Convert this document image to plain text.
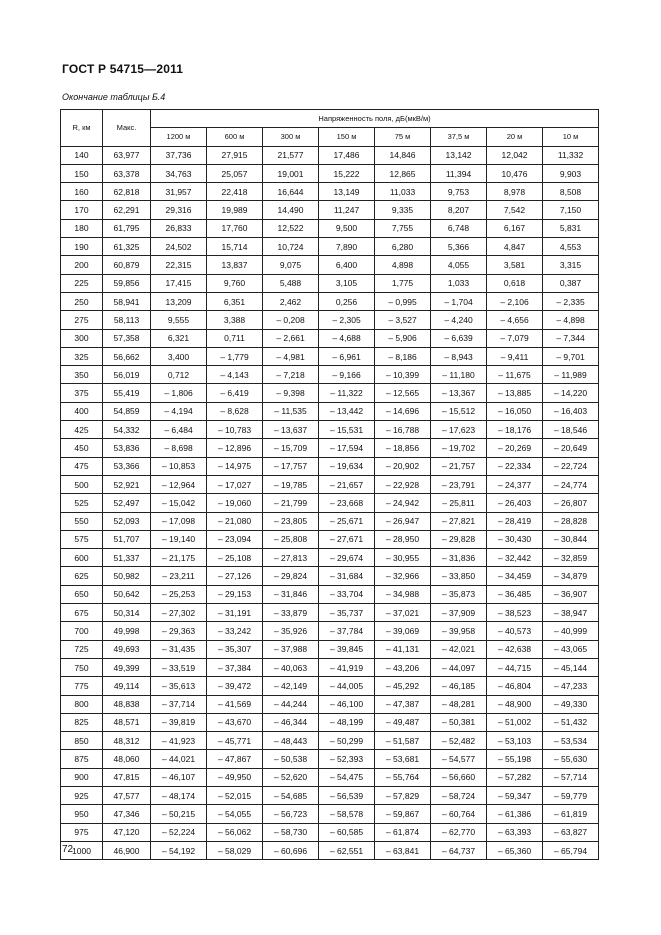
ГОСТ Р 54715—2011
Окончание таблицы Б.4
R, км	Макс.	Напряженность поля, дБ(мкВ/м)							
		1200 м	600 м	300 м	150 м	75 м	37,5 м	20 м	10 м
140	63,977	37,736	27,915	21,577	17,486	14,846	13,142	12,042	11,332
150	63,378	34,763	25,057	19,001	15,222	12,865	11,394	10,476	9,903
160	62,818	31,957	22,418	16,644	13,149	11,033	9,753	8,978	8,508
170	62,291	29,316	19,989	14,490	11,247	9,335	8,207	7,542	7,150
180	61,795	26,833	17,760	12,522	9,500	7,755	6,748	6,167	5,831
190	61,325	24,502	15,714	10,724	7,890	6,280	5,366	4,847	4,553
200	60,879	22,315	13,837	9,075	6,400	4,898	4,055	3,581	3,315
225	59,856	17,415	9,760	5,488	3,105	1,775	1,033	0,618	0,387
250	58,941	13,209	6,351	2,462	0,256	– 0,995	– 1,704	– 2,106	– 2,335
275	58,113	9,555	3,388	– 0,208	– 2,305	– 3,527	– 4,240	– 4,656	– 4,898
300	57,358	6,321	0,711	– 2,661	– 4,688	– 5,906	– 6,639	– 7,079	– 7,344
325	56,662	3,400	– 1,779	– 4,981	– 6,961	– 8,186	– 8,943	– 9,411	– 9,701
350	56,019	0,712	– 4,143	– 7,218	– 9,166	– 10,399	– 11,180	– 11,675	– 11,989
375	55,419	– 1,806	– 6,419	– 9,398	– 11,322	– 12,565	– 13,367	– 13,885	– 14,220
400	54,859	– 4,194	– 8,628	– 11,535	– 13,442	– 14,696	– 15,512	– 16,050	– 16,403
425	54,332	– 6,484	– 10,783	– 13,637	– 15,531	– 16,788	– 17,623	– 18,176	– 18,546
450	53,836	– 8,698	– 12,896	– 15,709	– 17,594	– 18,856	– 19,702	– 20,269	– 20,649
475	53,366	– 10,853	– 14,975	– 17,757	– 19,634	– 20,902	– 21,757	– 22,334	– 22,724
500	52,921	– 12,964	– 17,027	– 19,785	– 21,657	– 22,928	– 23,791	– 24,377	– 24,774
525	52,497	– 15,042	– 19,060	– 21,799	– 23,668	– 24,942	– 25,811	– 26,403	– 26,807
550	52,093	– 17,098	– 21,080	– 23,805	– 25,671	– 26,947	– 27,821	– 28,419	– 28,828
575	51,707	– 19,140	– 23,094	– 25,808	– 27,671	– 28,950	– 29,828	– 30,430	– 30,844
600	51,337	– 21,175	– 25,108	– 27,813	– 29,674	– 30,955	– 31,836	– 32,442	– 32,859
625	50,982	– 23,211	– 27,126	– 29,824	– 31,684	– 32,966	– 33,850	– 34,459	– 34,879
650	50,642	– 25,253	– 29,153	– 31,846	– 33,704	– 34,988	– 35,873	– 36,485	– 36,907
675	50,314	– 27,302	– 31,191	– 33,879	– 35,737	– 37,021	– 37,909	– 38,523	– 38,947
700	49,998	– 29,363	– 33,242	– 35,926	– 37,784	– 39,069	– 39,958	– 40,573	– 40,999
725	49,693	– 31,435	– 35,307	– 37,988	– 39,845	– 41,131	– 42,021	– 42,638	– 43,065
750	49,399	– 33,519	– 37,384	– 40,063	– 41,919	– 43,206	– 44,097	– 44,715	– 45,144
775	49,114	– 35,613	– 39,472	– 42,149	– 44,005	– 45,292	– 46,185	– 46,804	– 47,233
800	48,838	– 37,714	– 41,569	– 44,244	– 46,100	– 47,387	– 48,281	– 48,900	– 49,330
825	48,571	– 39,819	– 43,670	– 46,344	– 48,199	– 49,487	– 50,381	– 51,002	– 51,432
850	48,312	– 41,923	– 45,771	– 48,443	– 50,299	– 51,587	– 52,482	– 53,103	– 53,534
875	48,060	– 44,021	– 47,867	– 50,538	– 52,393	– 53,681	– 54,577	– 55,198	– 55,630
900	47,815	– 46,107	– 49,950	– 52,620	– 54,475	– 55,764	– 56,660	– 57,282	– 57,714
925	47,577	– 48,174	– 52,015	– 54,685	– 56,539	– 57,829	– 58,724	– 59,347	– 59,779
950	47,346	– 50,215	– 54,055	– 56,723	– 58,578	– 59,867	– 60,764	– 61,386	– 61,819
975	47,120	– 52,224	– 56,062	– 58,730	– 60,585	– 61,874	– 62,770	– 63,393	– 63,827
1000	46,900	– 54,192	– 58,029	– 60,696	– 62,551	– 63,841	– 64,737	– 65,360	– 65,794
72
